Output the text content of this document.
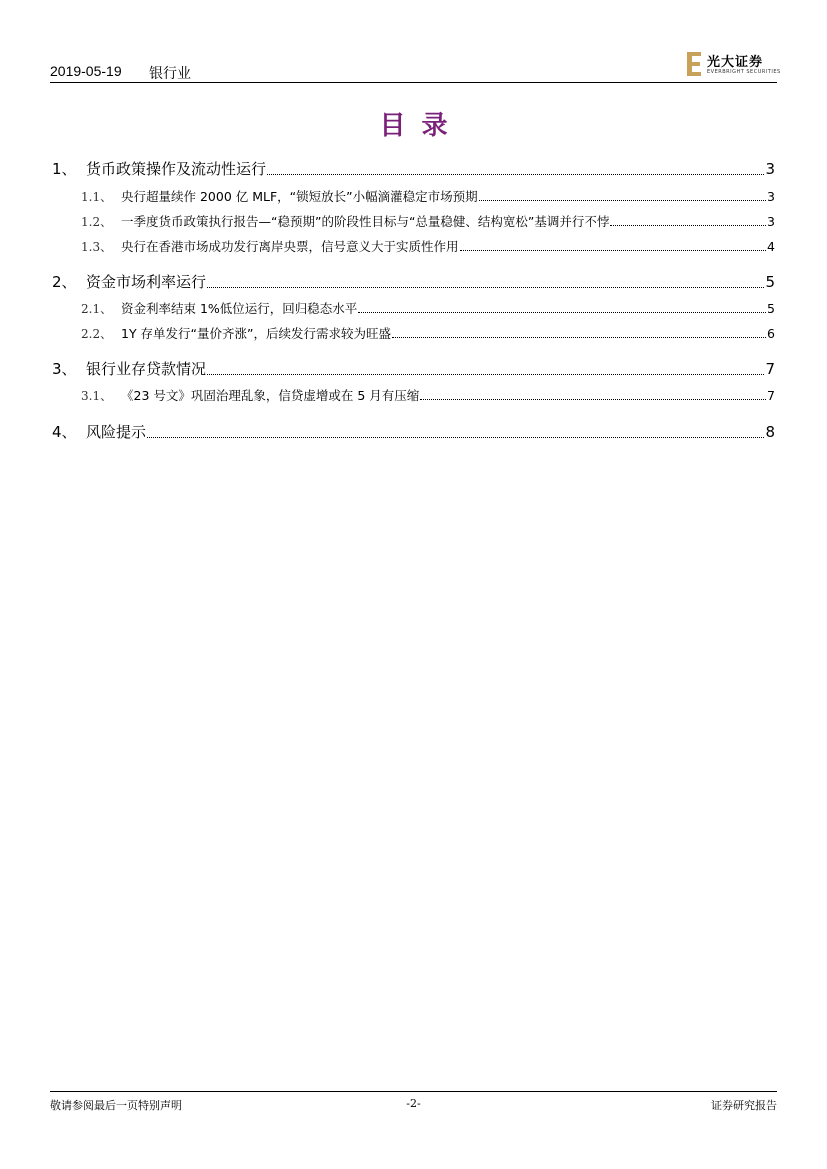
2019-05-19 银行业
光大证券
EVERBRIGHT SECURITIES
目录
1、 货币政策操作及流动性运行	3
1.1、 央行超量续作 2000 亿 MLF，“锁短放长”小幅滴灌稳定市场预期	3
1.2、 一季度货币政策执行报告—“稳预期”的阶段性目标与“总量稳健、结构宽松”基调并行不悖	3
1.3、 央行在香港市场成功发行离岸央票，信号意义大于实质性作用	4
2、 资金市场利率运行	5
2.1、 资金利率结束 1%低位运行，回归稳态水平	5
2.2、 1Y 存单发行“量价齐涨”，后续发行需求较为旺盛	6
3、 银行业存贷款情况	7
3.1、 《23 号文》巩固治理乱象，信贷虚增或在 5 月有压缩	7
4、 风险提示	8
敬请参阅最后一页特别声明	-2-	证券研究报告
